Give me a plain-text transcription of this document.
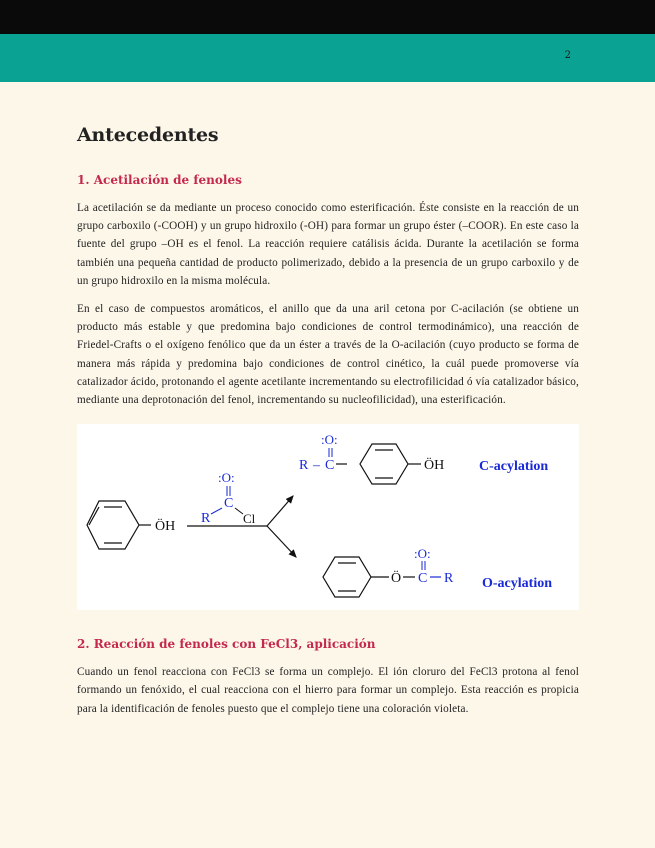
2
Antecedentes
1. Acetilación de fenoles

La acetilación se da mediante un proceso conocido como esterificación. Éste consiste en la reacción de un grupo carboxilo (-COOH) y un grupo hidroxilo (-OH) para formar un grupo éster (–COOR). En este caso la fuente del grupo –OH es el fenol. La reacción requiere catálisis ácida. Durante la acetilación se forma también una pequeña cantidad de producto polimerizado, debido a la presencia de un grupo carboxilo y de un grupo hidroxilo en la misma molécula.

En el caso de compuestos aromáticos, el anillo que da una aril cetona por C-acilación (se obtiene un producto más estable y que predomina bajo condiciones de control termodinámico), una reacción de Friedel-Crafts o el oxígeno fenólico que da un éster a través de la O-acilación (cuyo producto se forma de manera más rápida y predomina bajo condiciones de control cinético, la cuál puede promoverse vía catalizador ácido, protonando el agente acetilante incrementando su electrofilicidad ó vía catalizador básico, mediante una deprotonación del fenol, incrementando su nucleofilicidad), una esterificación.

ÖH
:O:
C
R	Cl
R – C
:O:
ÖH C-acylation
Ö C
:O:
R O-acylation
2. Reacción de fenoles con FeCl3, aplicación

Cuando un fenol reacciona con FeCl3 se forma un complejo. El ión cloruro del FeCl3 protona al fenol formando un fenóxido, el cual reacciona con el hierro para formar un complejo. Esta reacción es propicia para la identificación de fenoles puesto que el complejo tiene una coloración violeta.
